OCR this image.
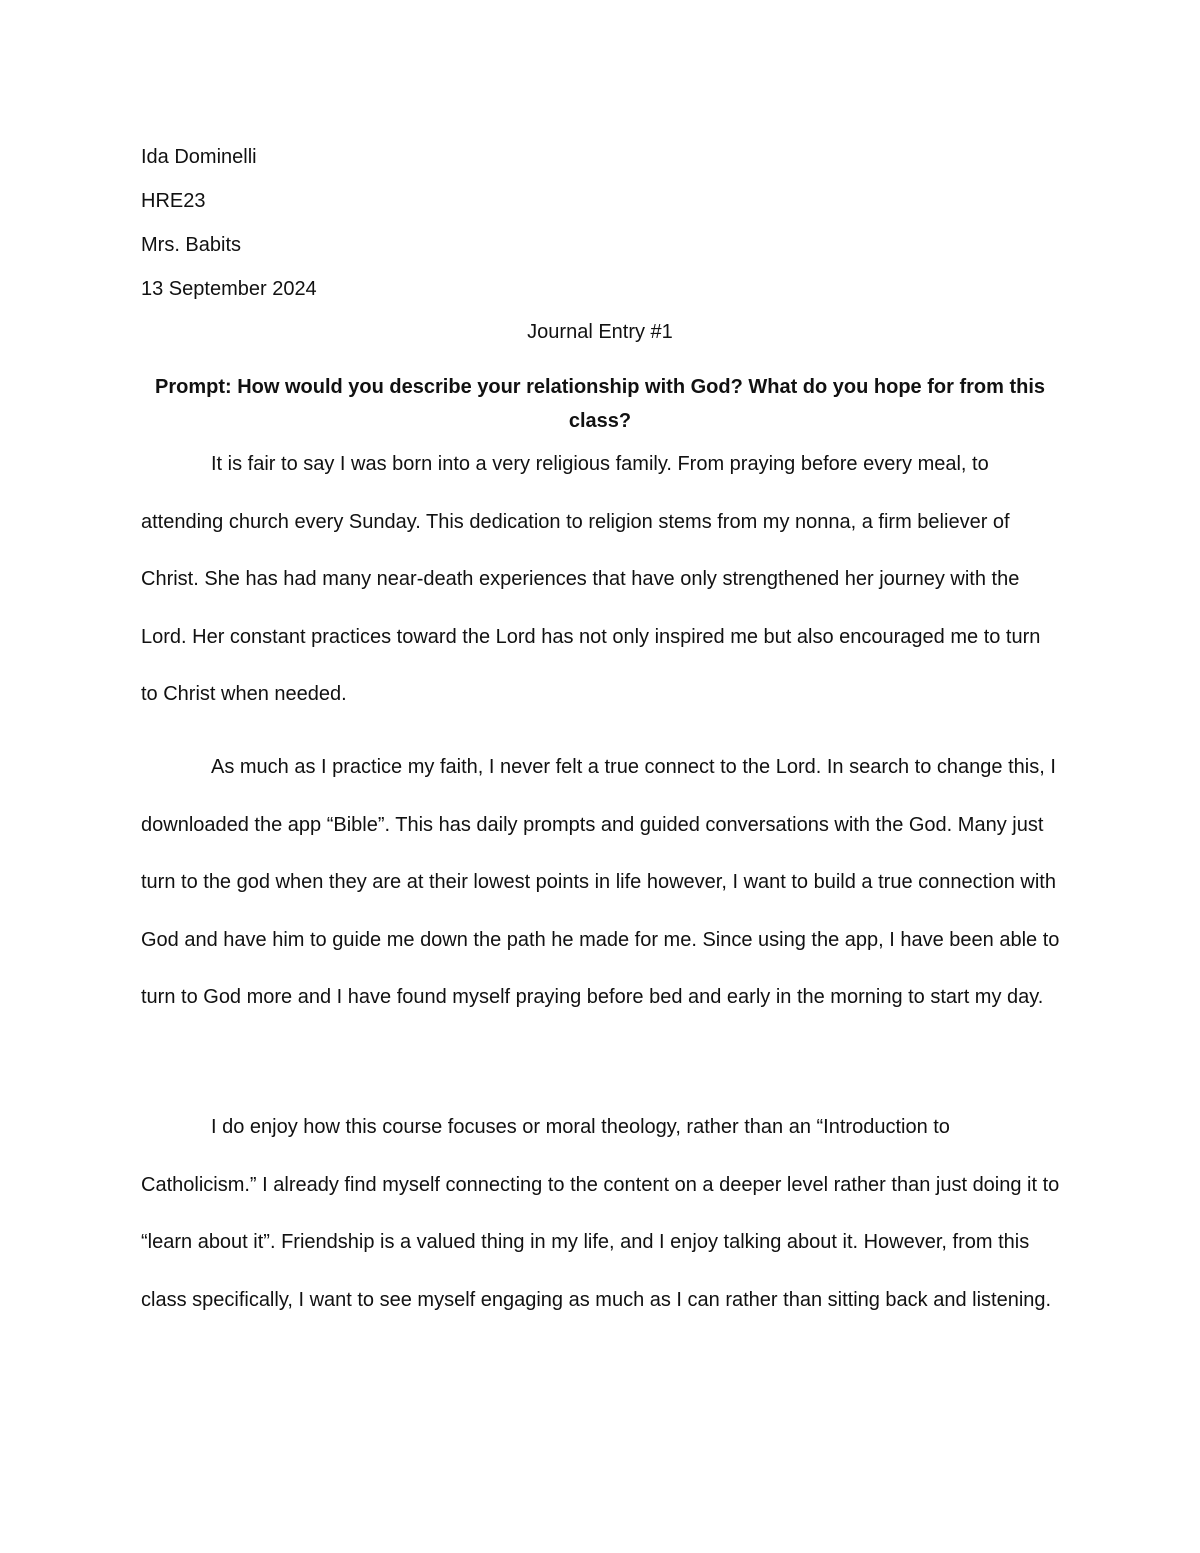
Ida Dominelli
HRE23
Mrs. Babits
13 September 2024
Journal Entry #1
Prompt: How would you describe your relationship with God? What do you hope for from this class?

It is fair to say I was born into a very religious family. From praying before every meal, to attending church every Sunday. This dedication to religion stems from my nonna, a firm believer of Christ. She has had many near-death experiences that have only strengthened her journey with the Lord. Her constant practices toward the Lord has not only inspired me but also encouraged me to turn to Christ when needed.

As much as I practice my faith, I never felt a true connect to the Lord. In search to change this, I downloaded the app “Bible”. This has daily prompts and guided conversations with the God. Many just turn to the god when they are at their lowest points in life however, I want to build a true connection with God and have him to guide me down the path he made for me. Since using the app, I have been able to turn to God more and I have found myself praying before bed and early in the morning to start my day.

I do enjoy how this course focuses or moral theology, rather than an “Introduction to Catholicism.” I already find myself connecting to the content on a deeper level rather than just doing it to “learn about it”. Friendship is a valued thing in my life, and I enjoy talking about it. However, from this class specifically, I want to see myself engaging as much as I can rather than sitting back and listening.
